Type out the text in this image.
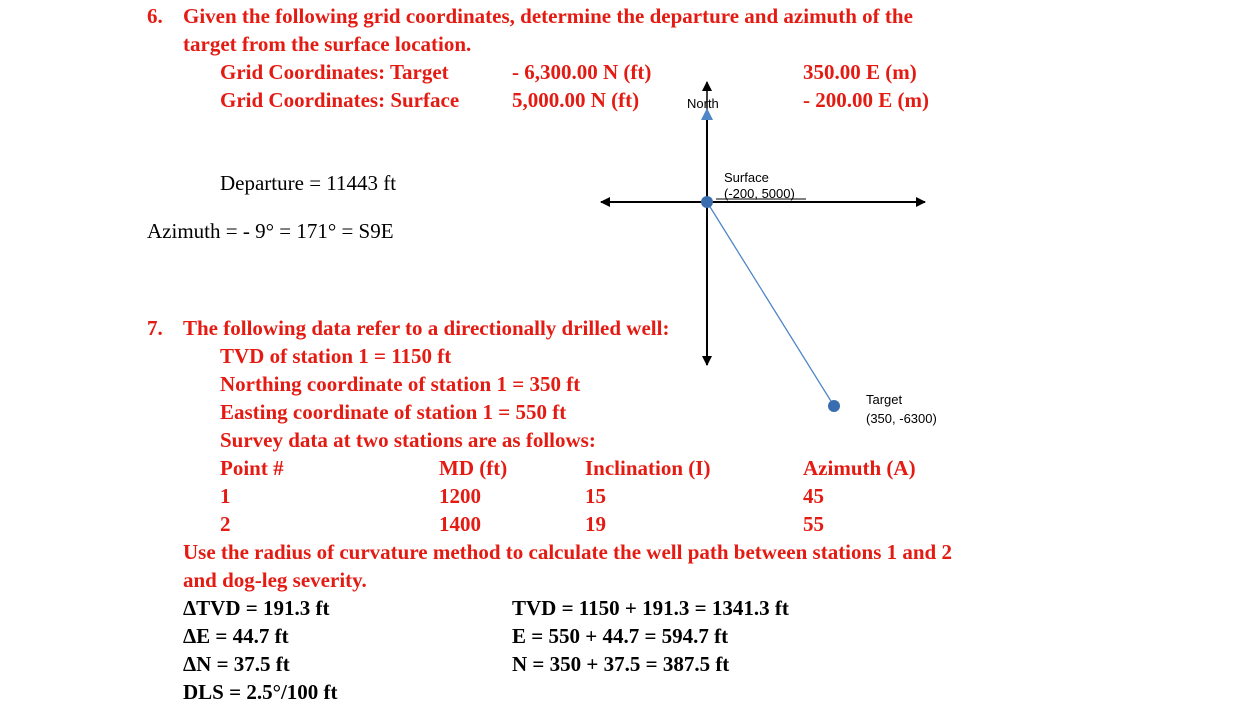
6. Given the following grid coordinates, determine the departure and azimuth of the
target from the surface location.
Grid Coordinates: Target	- 6,300.00 N (ft)	350.00 E (m)
Grid Coordinates: Surface	5,000.00 N (ft)	- 200.00 E (m)
Departure = 11443 ft
Azimuth = - 9° = 171° = S9E
North
Surface
(-200, 5000)
Target
(350, -6300)
7. The following data refer to a directionally drilled well:
TVD of station 1 = 1150 ft
Northing coordinate of station 1 = 350 ft
Easting coordinate of station 1 = 550 ft
Survey data at two stations are as follows:
Point #	MD (ft)	Inclination (I)	Azimuth (A)
1	1200	15	45
2	1400	19	55
Use the radius of curvature method to calculate the well path between stations 1 and 2
and dog-leg severity.
ΔTVD = 191.3 ft
ΔE = 44.7 ft
ΔN = 37.5 ft
DLS = 2.5°/100 ft
TVD = 1150 + 191.3 = 1341.3 ft
E = 550 + 44.7 = 594.7 ft
N = 350 + 37.5 = 387.5 ft
